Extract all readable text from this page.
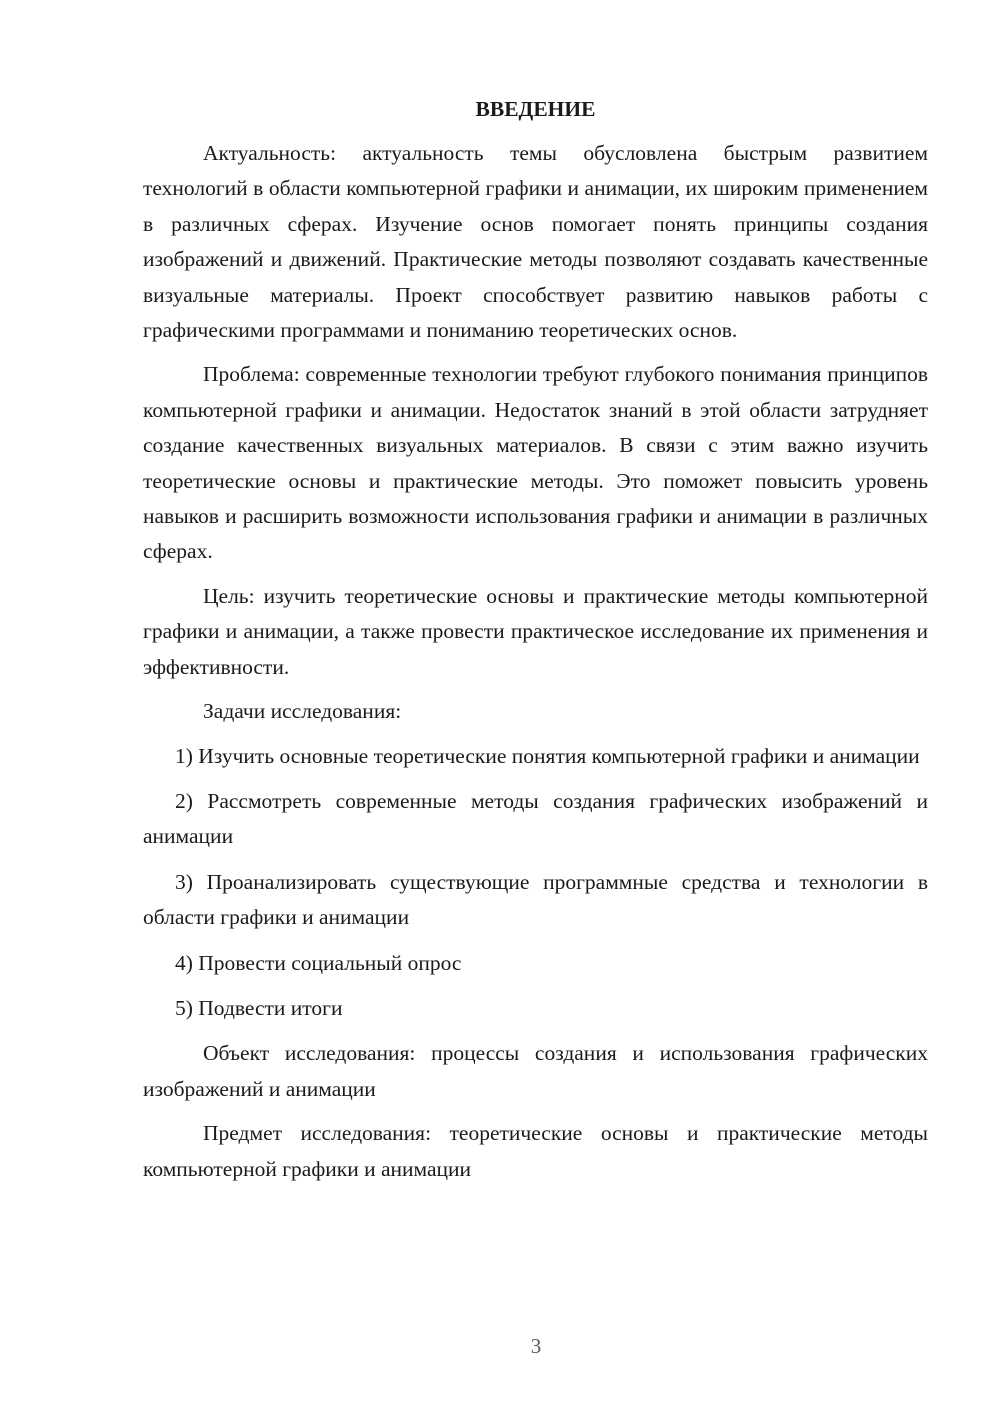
ВВЕДЕНИЕ

Актуальность: актуальность темы обусловлена быстрым развитием технологий в области компьютерной графики и анимации, их широким применением в различных сферах. Изучение основ помогает понять принципы создания изображений и движений. Практические методы позволяют создавать качественные визуальные материалы. Проект способствует развитию навыков работы с графическими программами и пониманию теоретических основ.

Проблема: современные технологии требуют глубокого понимания принципов компьютерной графики и анимации. Недостаток знаний в этой области затрудняет создание качественных визуальных материалов. В связи с этим важно изучить теоретические основы и практические методы. Это поможет повысить уровень навыков и расширить возможности использования графики и анимации в различных сферах.

Цель: изучить теоретические основы и практические методы компьютерной графики и анимации, а также провести практическое исследование их применения и эффективности.

Задачи исследования:

1) Изучить основные теоретические понятия компьютерной графики и анимации

2) Рассмотреть современные методы создания графических изображений и анимации

3) Проанализировать существующие программные средства и технологии в области графики и анимации

4) Провести социальный опрос

5) Подвести итоги

Объект исследования: процессы создания и использования графических изображений и анимации

Предмет исследования: теоретические основы и практические методы компьютерной графики и анимации

3
